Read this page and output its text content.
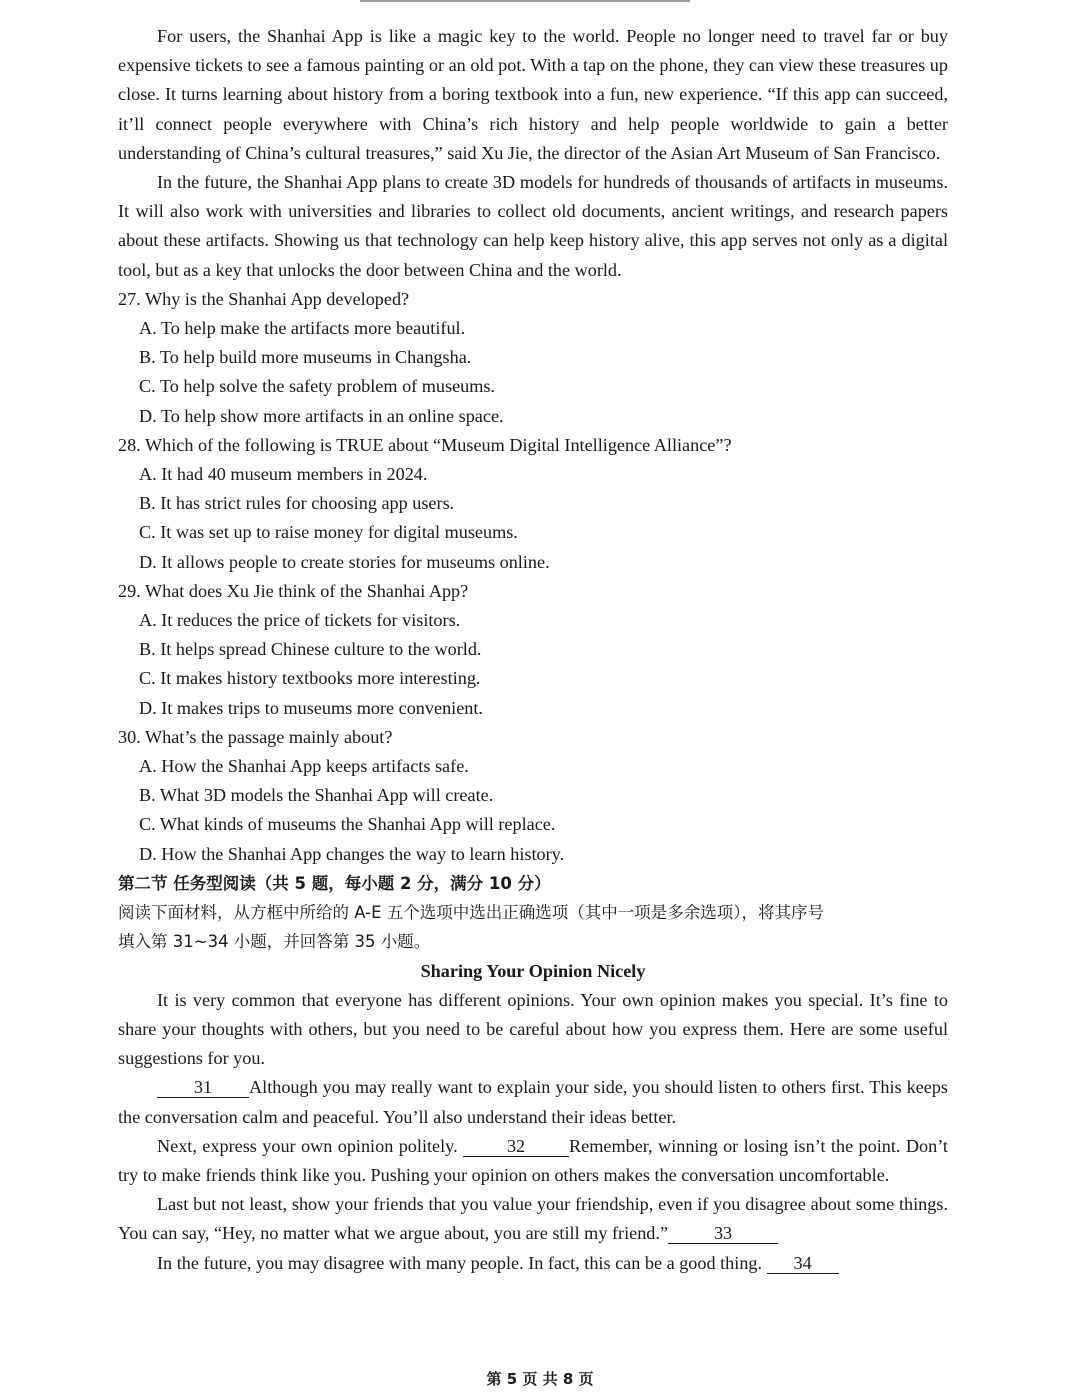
For users, the Shanhai App is like a magic key to the world. People no longer need to travel far or buy expensive tickets to see a famous painting or an old pot. With a tap on the phone, they can view these treasures up close. It turns learning about history from a boring textbook into a fun, new experience. “If this app can succeed, it’ll connect people everywhere with China’s rich history and help people worldwide to gain a better understanding of China’s cultural treasures,” said Xu Jie, the director of the Asian Art Museum of San Francisco.

In the future, the Shanhai App plans to create 3D models for hundreds of thousands of artifacts in museums. It will also work with universities and libraries to collect old documents, ancient writings, and research papers about these artifacts. Showing us that technology can help keep history alive, this app serves not only as a digital tool, but as a key that unlocks the door between China and the world.

27. Why is the Shanhai App developed?

A. To help make the artifacts more beautiful.

B. To help build more museums in Changsha.

C. To help solve the safety problem of museums.

D. To help show more artifacts in an online space.

28. Which of the following is TRUE about “Museum Digital Intelligence Alliance”?

A. It had 40 museum members in 2024.

B. It has strict rules for choosing app users.

C. It was set up to raise money for digital museums.

D. It allows people to create stories for museums online.

29. What does Xu Jie think of the Shanhai App?

A. It reduces the price of tickets for visitors.

B. It helps spread Chinese culture to the world.

C. It makes history textbooks more interesting.

D. It makes trips to museums more convenient.

30. What’s the passage mainly about?

A. How the Shanhai App keeps artifacts safe.

B. What 3D models the Shanhai App will create.

C. What kinds of museums the Shanhai App will replace.

D. How the Shanhai App changes the way to learn history.

第二节 任务型阅读（共 5 题，每小题 2 分，满分 10 分）

阅读下面材料，从方框中所给的 A-E 五个选项中选出正确选项（其中一项是多余选项），将其序号

填入第 31~34 小题，并回答第 35 小题。

Sharing Your Opinion Nicely

It is very common that everyone has different opinions. Your own opinion makes you special. It’s fine to share your thoughts with others, but you need to be careful about how you express them. Here are some useful suggestions for you.

31 Although you may really want to explain your side, you should listen to others first. This keeps the conversation calm and peaceful. You’ll also understand their ideas better.

Next, express your own opinion politely. 32 Remember, winning or losing isn’t the point. Don’t try to make friends think like you. Pushing your opinion on others makes the conversation uncomfortable.

Last but not least, show your friends that you value your friendship, even if you disagree about some things. You can say, “Hey, no matter what we argue about, you are still my friend.”	33

In the future, you may disagree with many people. In fact, this can be a good thing. 34

第 5 页 共 8 页
